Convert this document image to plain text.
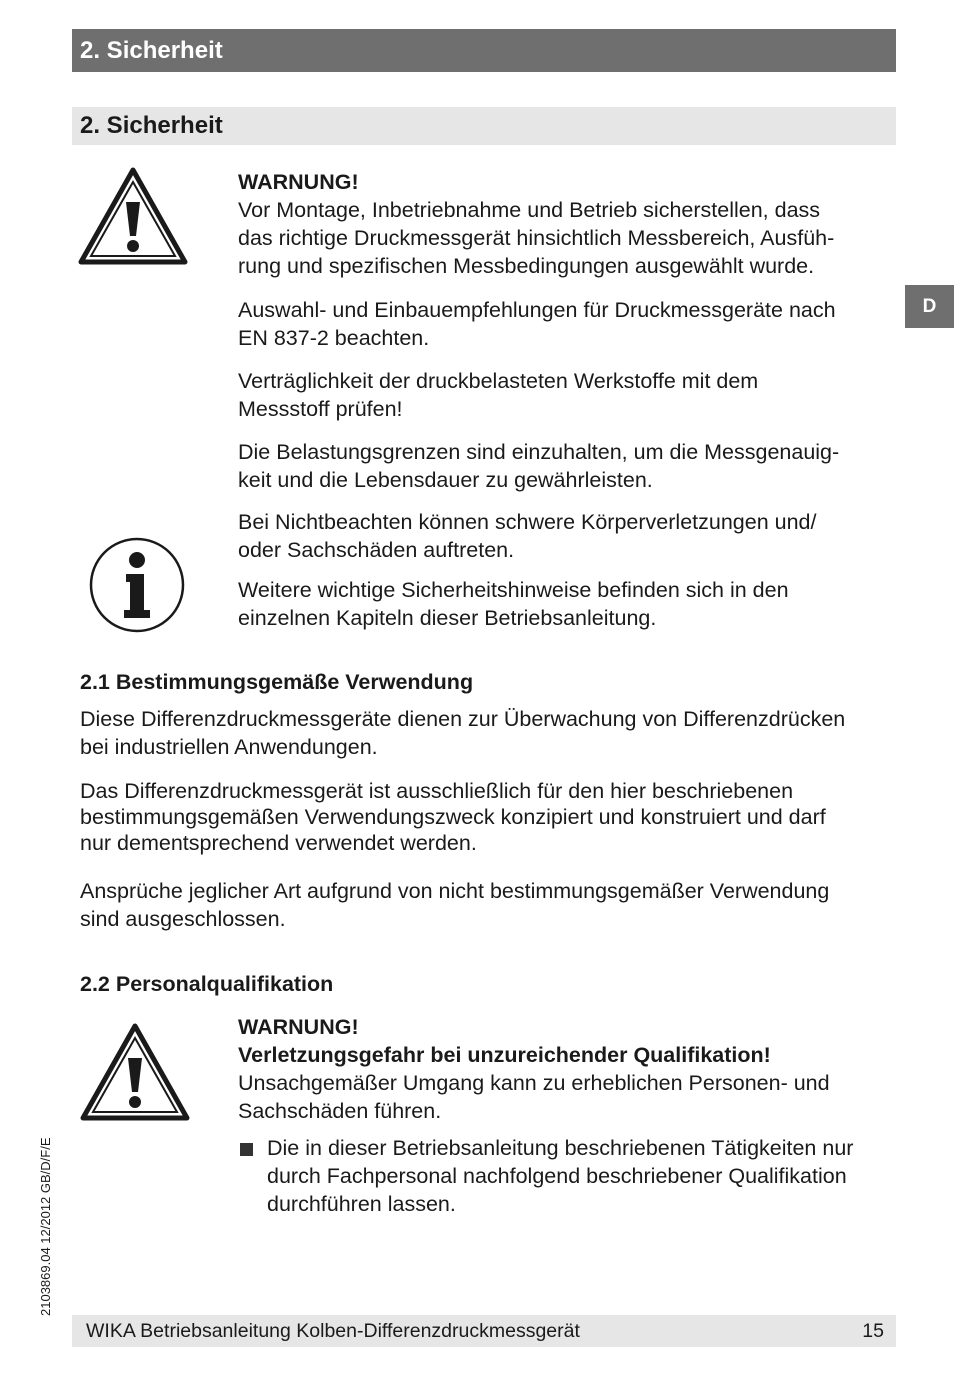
2. Sicherheit
2. Sicherheit
D

WARNUNG!

Vor Montage, Inbetriebnahme und Betrieb sicherstellen, dass
das richtige Druckmessgerät hinsichtlich Messbereich, Ausfüh-
rung und spezifischen Messbedingungen ausgewählt wurde.

Auswahl- und Einbauempfehlungen für Druckmessgeräte nach
EN 837-2 beachten.
Verträglichkeit der druckbelasteten Werkstoffe mit dem
Messstoff prüfen!
Die Belastungsgrenzen sind einzuhalten, um die Messgenauig-
keit und die Lebensdauer zu gewährleisten.
Bei Nichtbeachten können schwere Körperverletzungen und/
oder Sachschäden auftreten.
Weitere wichtige Sicherheitshinweise befinden sich in den
einzelnen Kapiteln dieser Betriebsanleitung.
2.1 Bestimmungsgemäße Verwendung
Diese Differenzdruckmessgeräte dienen zur Überwachung von Differenzdrücken
bei industriellen Anwendungen.
Das Differenzdruckmessgerät ist ausschließlich für den hier beschriebenen
bestimmungsgemäßen Verwendungszweck konzipiert und konstruiert und darf
nur dementsprechend verwendet werden.
Ansprüche jeglicher Art aufgrund von nicht bestimmungsgemäßer Verwendung
sind ausgeschlossen.
2.2 Personalqualifikation

WARNUNG!

Verletzungsgefahr bei unzureichender Qualifikation!

Unsachgemäßer Umgang kann zu erheblichen Personen- und
Sachschäden führen.

Die in dieser Betriebsanleitung beschriebenen Tätigkeiten nur
durch Fachpersonal nachfolgend beschriebener Qualifikation
durchführen lassen.
2103869.04 12/2012 GB/D/F/E
WIKA Betriebsanleitung Kolben-Differenzdruckmessgerät	15
